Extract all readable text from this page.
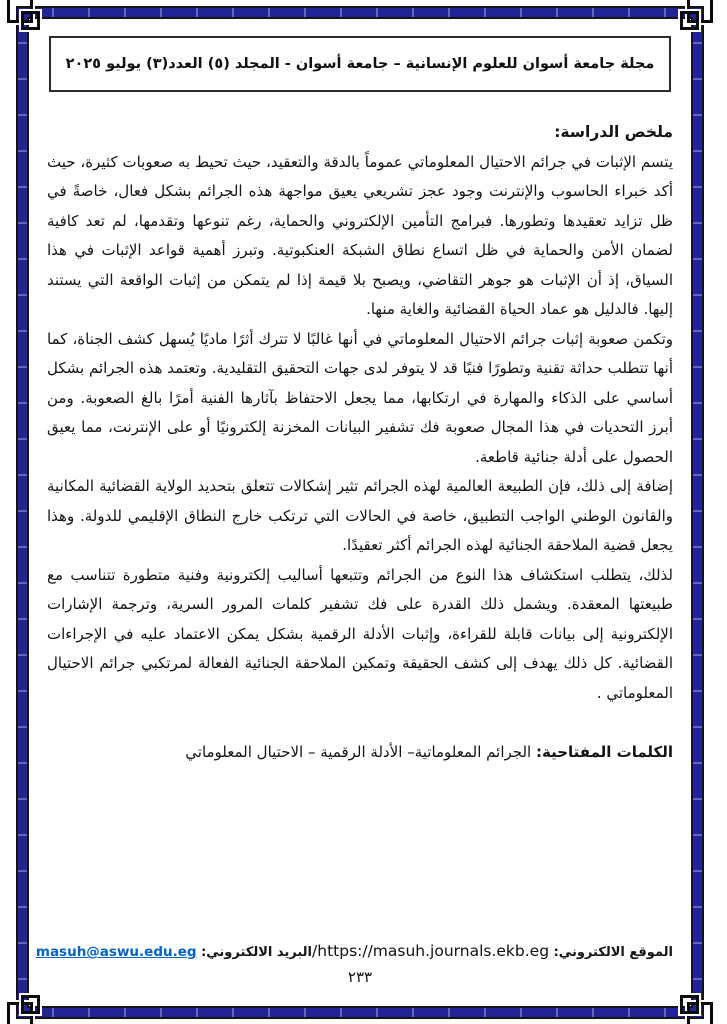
مجلة جامعة أسوان للعلوم الإنسانية – جامعة أسوان - المجلد (٥) العدد(٣) يوليو ٢٠٢٥
ملخص الدراسة:

يتسم الإثبات في جرائم الاحتيال المعلوماتي عموماً بالدقة والتعقيد، حيث تحيط به صعوبات كثيرة، حيث أكد خبراء الحاسوب والإنترنت وجود عجز تشريعي يعيق مواجهة هذه الجرائم بشكل فعال، خاصةً في ظل تزايد تعقيدها وتطورها. فبرامج التأمين الإلكتروني والحماية، رغم تنوعها وتقدمها، لم تعد كافية لضمان الأمن والحماية في ظل اتساع نطاق الشبكة العنكبوتية. وتبرز أهمية قواعد الإثبات في هذا السياق، إذ أن الإثبات هو جوهر التقاضي، ويصبح بلا قيمة إذا لم يتمكن من إثبات الواقعة التي يستند إليها. فالدليل هو عماد الحياة القضائية والغاية منها.

وتكمن صعوبة إثبات جرائم الاحتيال المعلوماتي في أنها غالبًا لا تترك أثرًا ماديًا يُسهل كشف الجناة، كما أنها تتطلب حداثة تقنية وتطورًا فنيًا قد لا يتوفر لدى جهات التحقيق التقليدية. وتعتمد هذه الجرائم بشكل أساسي على الذكاء والمهارة في ارتكابها، مما يجعل الاحتفاظ بآثارها الفنية أمرًا بالغ الصعوبة. ومن أبرز التحديات في هذا المجال صعوبة فك تشفير البيانات المخزنة إلكترونيًا أو على الإنترنت، مما يعيق الحصول على أدلة جنائية قاطعة.

إضافة إلى ذلك، فإن الطبيعة العالمية لهذه الجرائم تثير إشكالات تتعلق بتحديد الولاية القضائية المكانية والقانون الوطني الواجب التطبيق، خاصة في الحالات التي ترتكب خارج النطاق الإقليمي للدولة. وهذا يجعل قضية الملاحقة الجنائية لهذه الجرائم أكثر تعقيدًا.

لذلك، يتطلب استكشاف هذا النوع من الجرائم وتتبعها أساليب إلكترونية وفنية متطورة تتناسب مع طبيعتها المعقدة. ويشمل ذلك القدرة على فك تشفير كلمات المرور السرية، وترجمة الإشارات الإلكترونية إلى بيانات قابلة للقراءة، وإثبات الأدلة الرقمية بشكل يمكن الاعتماد عليه في الإجراءات القضائية. كل ذلك يهدف إلى كشف الحقيقة وتمكين الملاحقة الجنائية الفعالة لمرتكبي جرائم الاحتيال المعلوماتي .

الكلمات المفتاحية: الجرائم المعلوماتية– الأدلة الرقمية – الاحتيال المعلوماتي
الموقع الالكتروني: https://masuh.journals.ekb.eg/
البريد الالكتروني: masuh@aswu.edu.eg
٢٣٣
